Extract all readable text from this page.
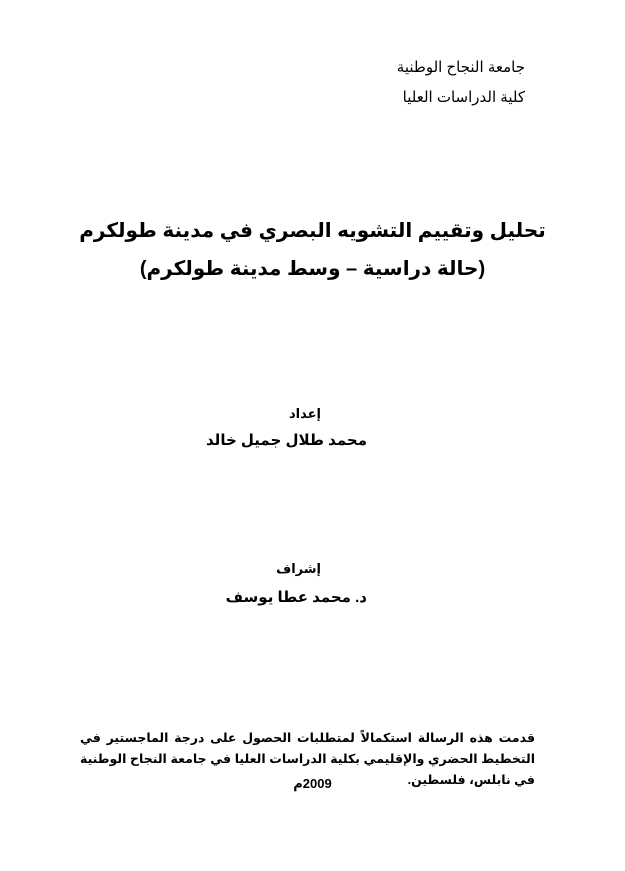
جامعة النجاح الوطنية
كلية الدراسات العليا
تحليل وتقييم التشويه البصري في مدينة طولكرم
(حالة دراسية – وسط مدينة طولكرم)
إعداد
محمد طلال جميل خالد
إشراف
د. محمد عطا يوسف
قدمت هذه الرسالة استكمالاً لمتطلبات الحصول على درجة الماجستير في التخطيط الحضري والإقليمي بكلية الدراسات العليا في جامعة النجاح الوطنية في نابلس، فلسطين.
2009م
